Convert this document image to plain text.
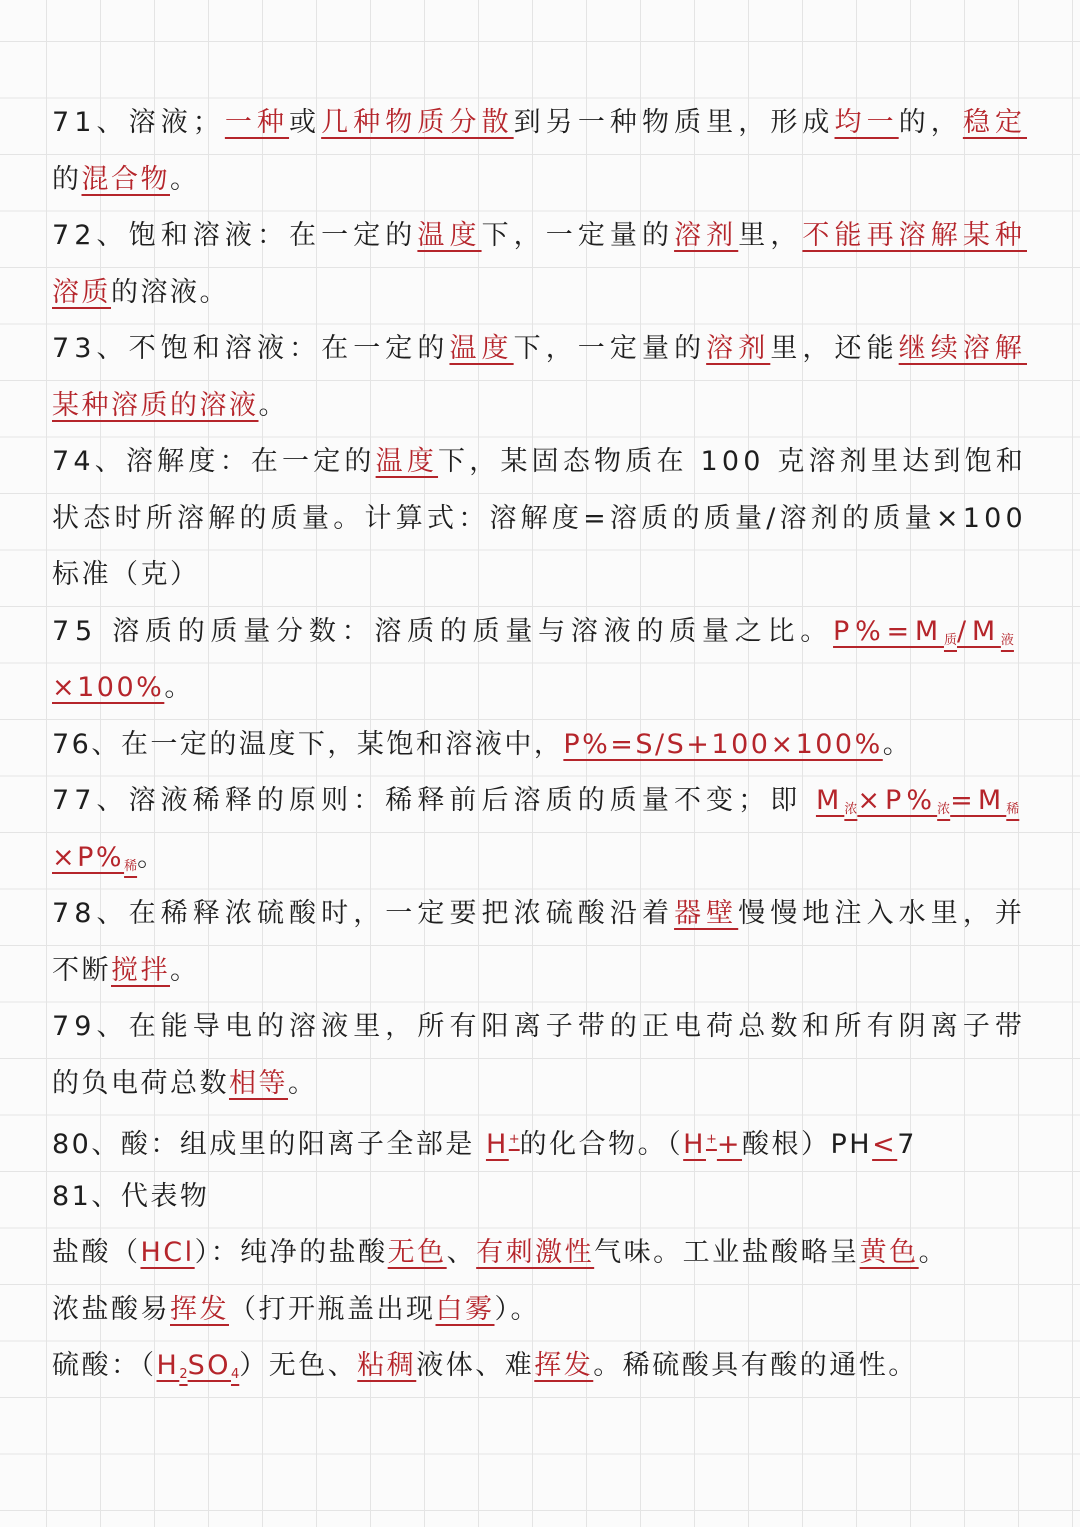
71、溶液；一种或几种物质分散到另一种物质里，形成均一的，稳定
的混合物。
72、饱和溶液：在一定的温度下，一定量的溶剂里，不能再溶解某种
溶质的溶液。
73、不饱和溶液：在一定的温度下，一定量的溶剂里，还能继续溶解
某种溶质的溶液。
74、溶解度：在一定的温度下，某固态物质在 100 克溶剂里达到饱和
状态时所溶解的质量。计算式：溶解度=溶质的质量/溶剂的质量×100
标准（克）
75 溶质的质量分数：溶质的质量与溶液的质量之比。$P\%=M_质/M_液$
×100%。
76、在一定的温度下，某饱和溶液中，P%=S/S+100×100%。
77、溶液稀释的原则：稀释前后溶质的质量不变；即 $M_浓\times P\%_浓=M_稀$
$\times P\%_稀$。
78、在稀释浓硫酸时，一定要把浓硫酸沿着器壁慢慢地注入水里，并
不断搅拌。
79、在能导电的溶液里，所有阳离子带的正电荷总数和所有阴离子带
的负电荷总数相等。
80、酸：组成里的阳离子全部是 H+的化合物。（H++酸根）PH<7
81、代表物
盐酸（HCl）：纯净的盐酸无色、有刺激性气味。工业盐酸略呈黄色。
浓盐酸易挥发（打开瓶盖出现白雾）。
硫酸：$(H_2SO_4)$无色、粘稠液体、难挥发。稀硫酸具有酸的通性。
